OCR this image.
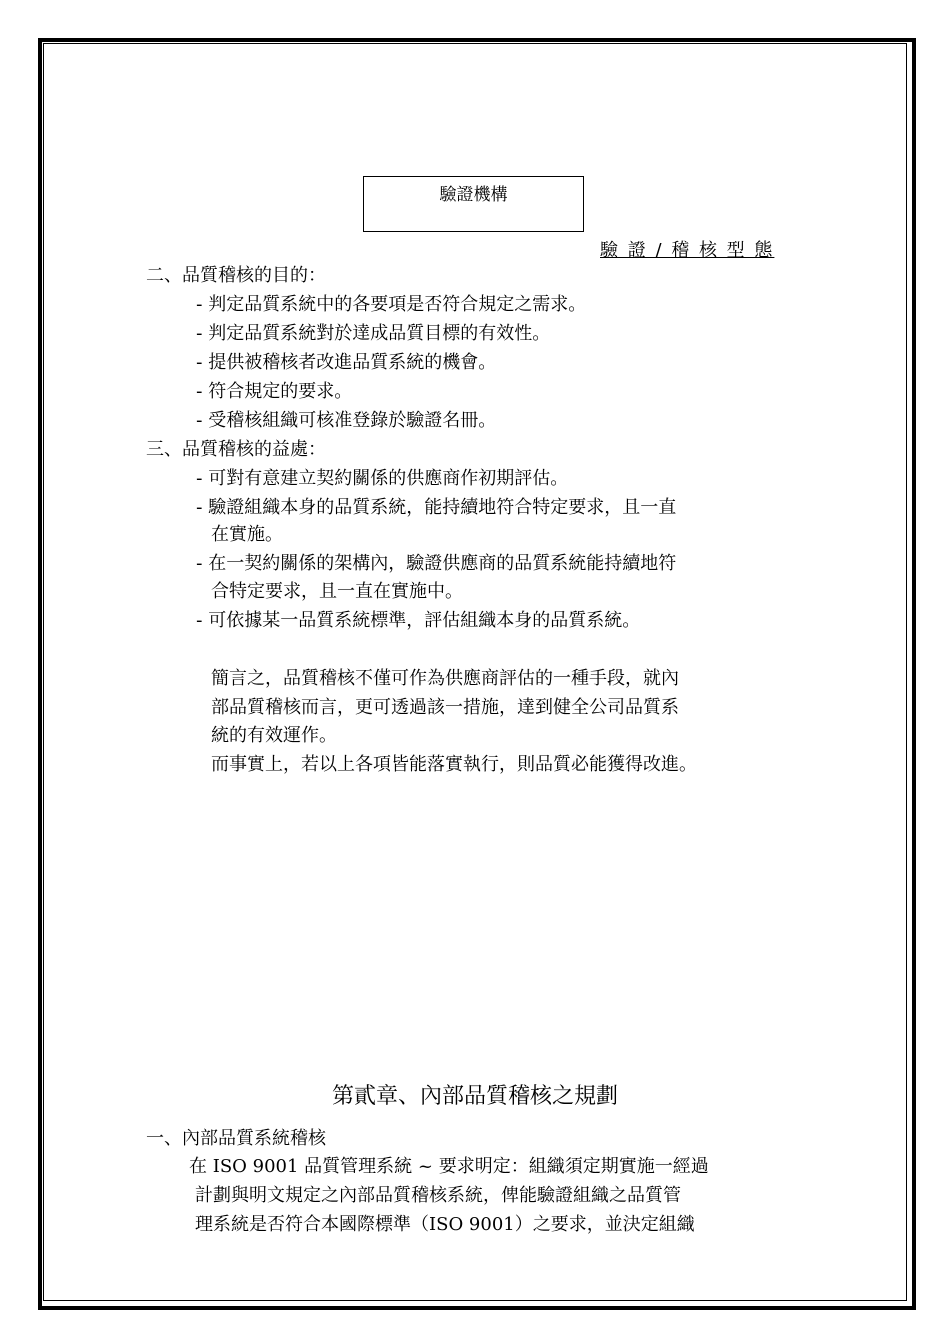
驗證機構
驗 證 / 稽 核 型 態
二、品質稽核的目的：
- 判定品質系統中的各要項是否符合規定之需求。
- 判定品質系統對於達成品質目標的有效性。
- 提供被稽核者改進品質系統的機會。
- 符合規定的要求。
- 受稽核組織可核准登錄於驗證名冊。
三、品質稽核的益處：
- 可對有意建立契約關係的供應商作初期評估。
- 驗證組織本身的品質系統，能持續地符合特定要求，且一直
在實施。
- 在一契約關係的架構內，驗證供應商的品質系統能持續地符
合特定要求，且一直在實施中。
- 可依據某一品質系統標準，評估組織本身的品質系統。
簡言之，品質稽核不僅可作為供應商評估的一種手段，就內
部品質稽核而言，更可透過該一措施，達到健全公司品質系
統的有效運作。
而事實上，若以上各項皆能落實執行，則品質必能獲得改進。
第貳章、內部品質稽核之規劃
一、內部品質系統稽核
在 ISO 9001 品質管理系統 ~ 要求明定：組織須定期實施一經過
計劃與明文規定之內部品質稽核系統，俾能驗證組織之品質管
理系統是否符合本國際標準（ISO 9001）之要求，並決定組織
